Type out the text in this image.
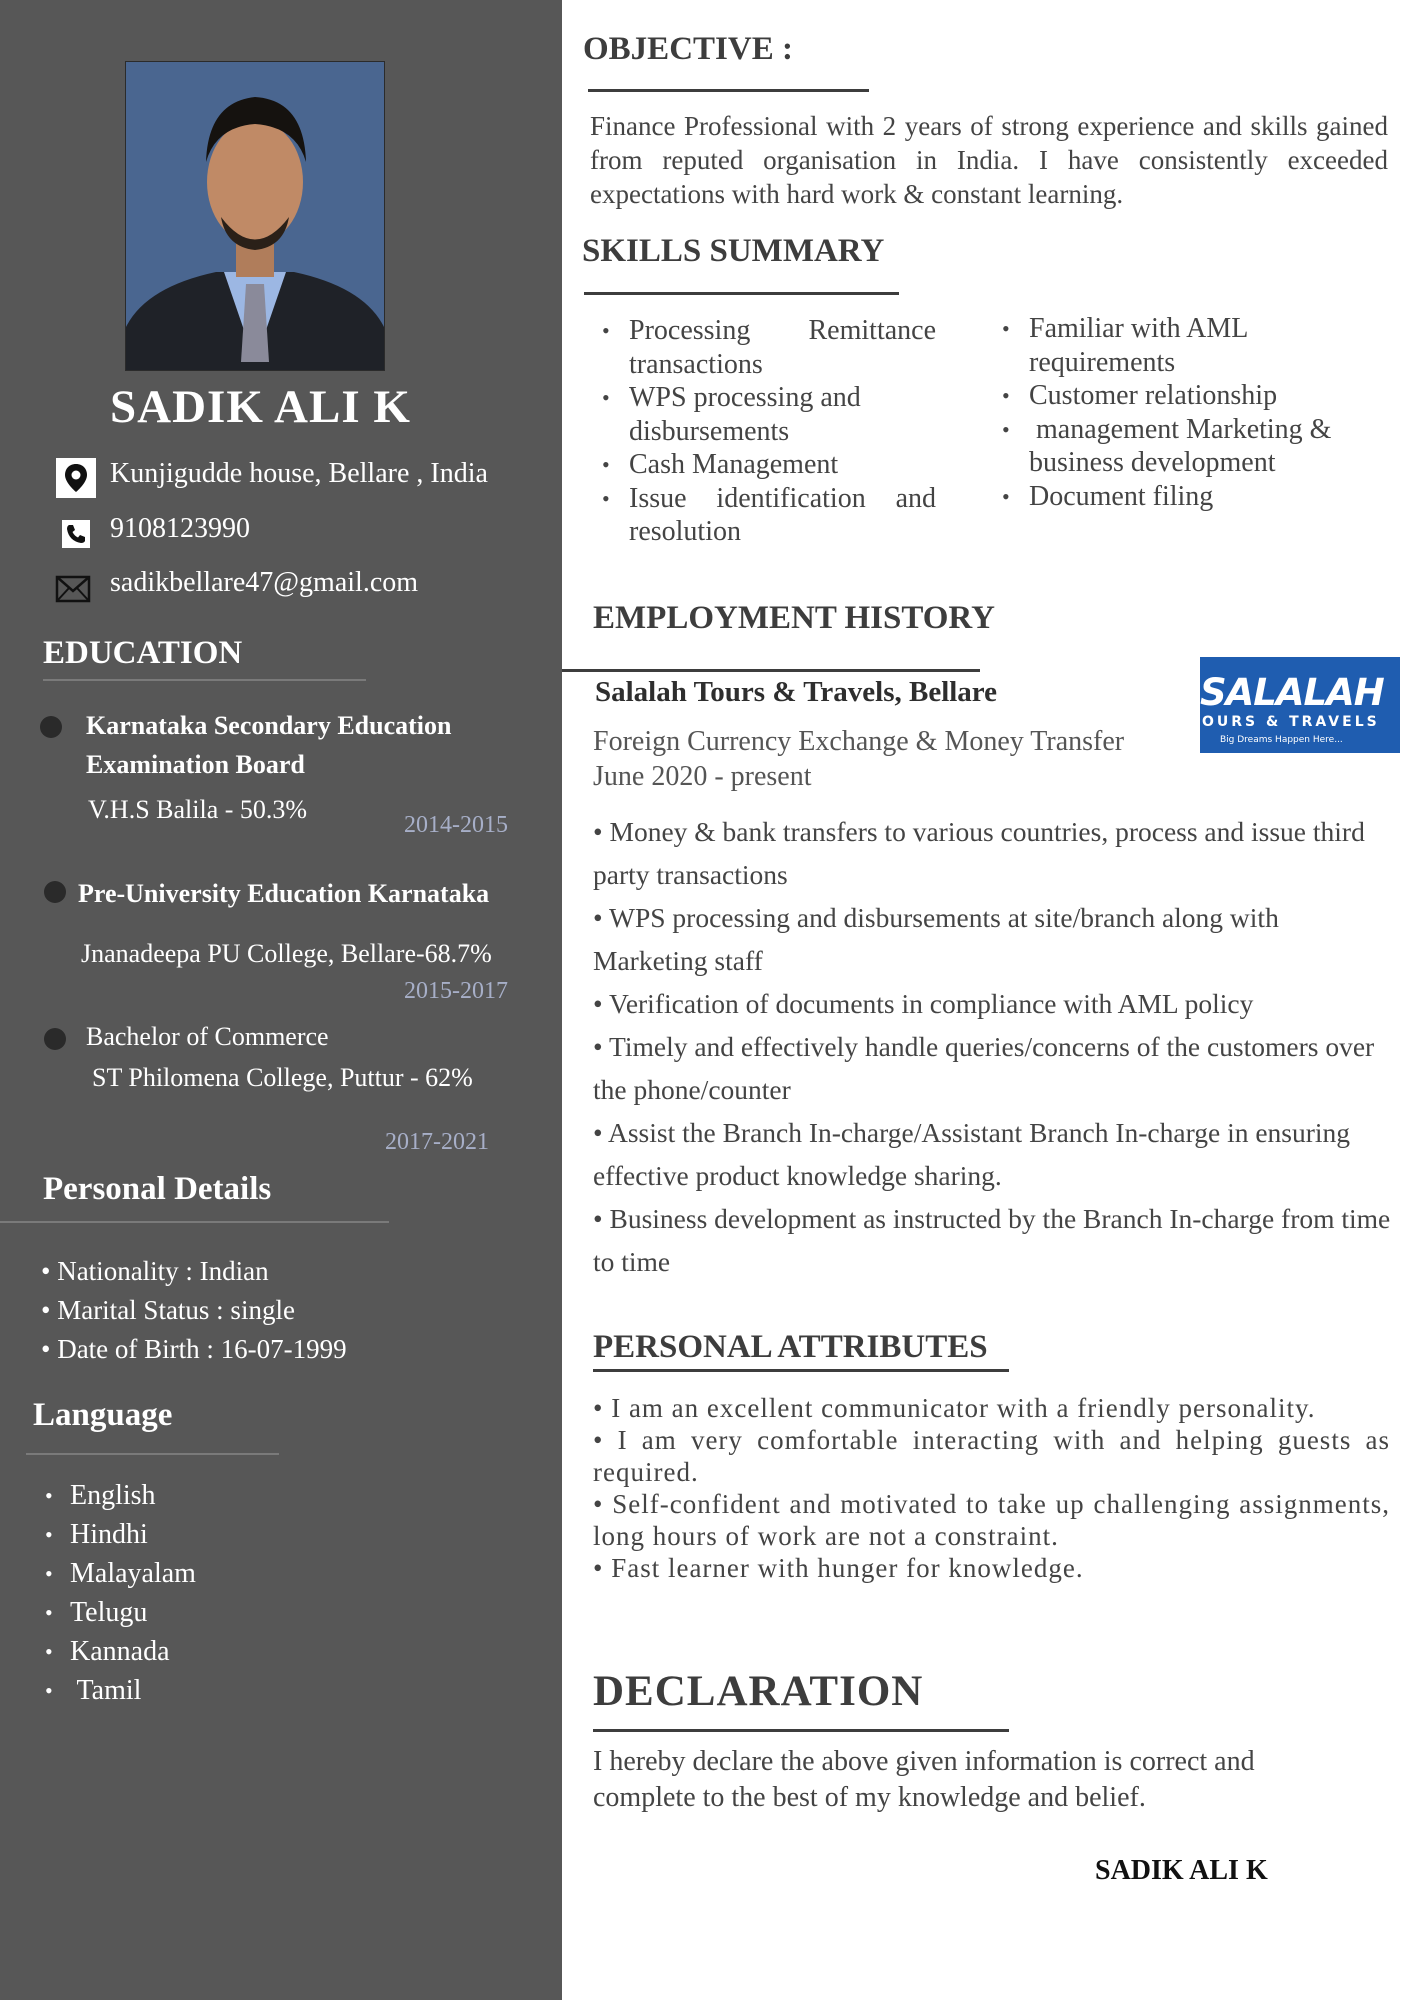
SADIK ALI K
Kunjigudde house, Bellare , India
9108123990
sadikbellare47@gmail.com
EDUCATION
Karnataka Secondary Education Examination Board
V.H.S Balila - 50.3%
2014-2015
Pre-University Education Karnataka
Jnanadeepa PU College, Bellare-68.7%
2015-2017
Bachelor of Commerce
ST Philomena College, Puttur - 62%
2017-2021
Personal Details
• Nationality : Indian
• Marital Status : single
• Date of Birth : 16-07-1999
Language
• English
• Hindhi
• Malayalam
• Telugu
• Kannada
•  Tamil
OBJECTIVE :
Finance Professional with 2 years of strong experience and skills gained from reputed organisation in India. I have consistently exceeded expectations with hard work & constant learning.
SKILLS SUMMARY
• Processing Remittance transactions
• WPS processing and disbursements
• Cash Management
• Issue identification and resolution
• Familiar with AML requirements
• Customer relationship
•  management Marketing & business development
• Document filing
EMPLOYMENT HISTORY
Salalah Tours & Travels, Bellare
Foreign Currency Exchange & Money Transfer
June 2020 - present
SALALAH
OURS & TRAVELS
Big Dreams Happen Here...
• Money & bank transfers to various countries, process and issue third party transactions
• WPS processing and disbursements at site/branch along with Marketing staff
• Verification of documents in compliance with AML policy
• Timely and effectively handle queries/concerns of the customers over the phone/counter
• Assist the Branch In-charge/Assistant Branch In-charge in ensuring effective product knowledge sharing.
• Business development as instructed by the Branch In-charge from time to time
PERSONAL ATTRIBUTES
• I am an excellent communicator with a friendly personality.
• I am very comfortable interacting with and helping guests as required.
• Self-confident and motivated to take up challenging assignments, long hours of work are not a constraint.
• Fast learner with hunger for knowledge.
DECLARATION
I hereby declare the above given information is correct and complete to the best of my knowledge and belief.
SADIK ALI K
